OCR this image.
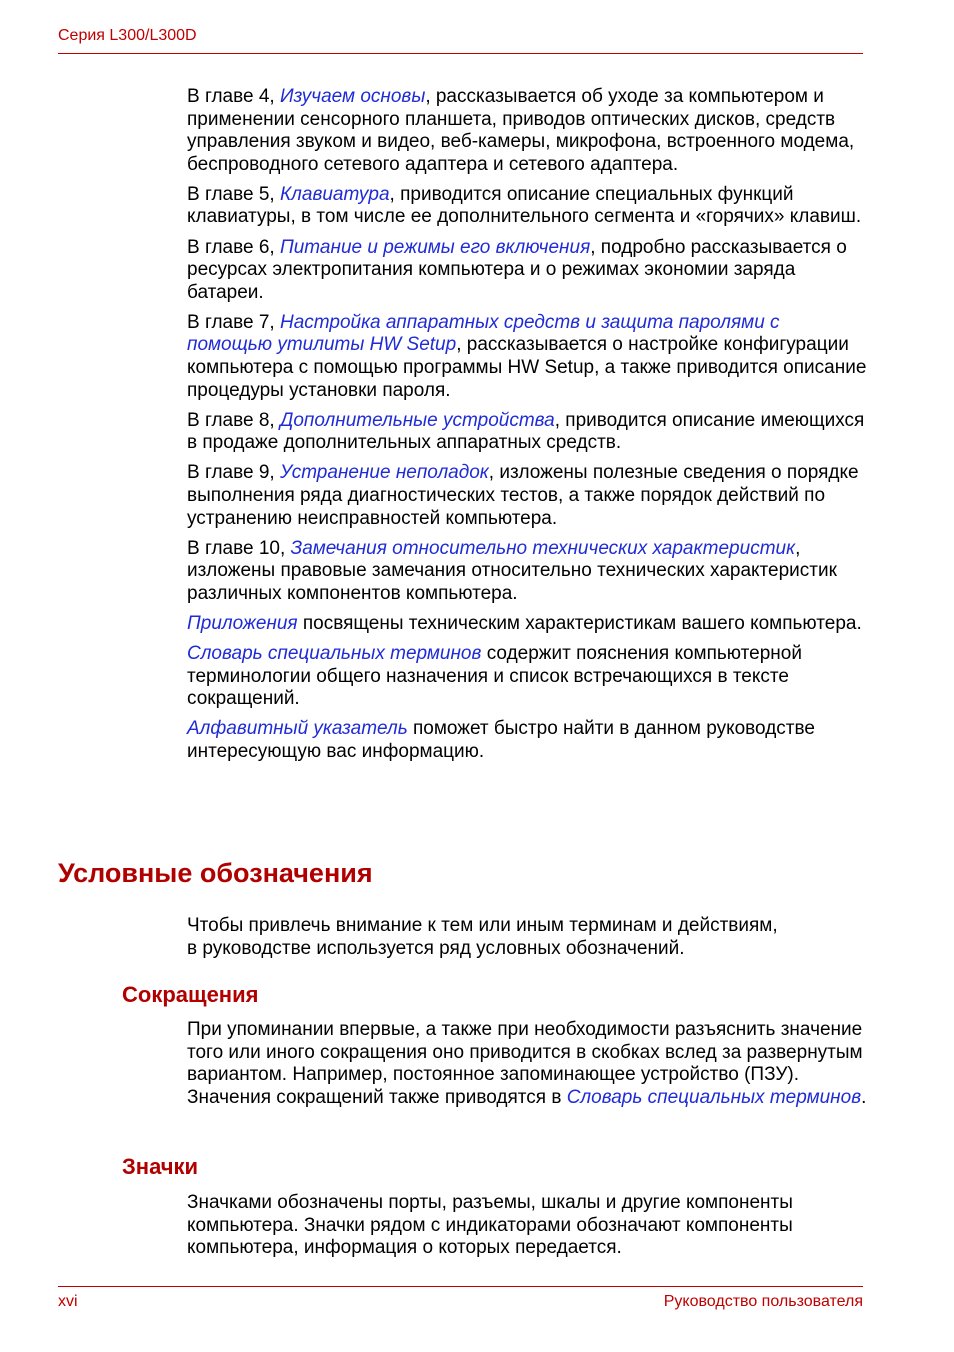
Серия L300/L300D

В главе 4, Изучаем основы, рассказывается об уходе за компьютером и применении сенсорного планшета, приводов оптических дисков, средств управления звуком и видео, веб-камеры, микрофона, встроенного модема, беспроводного сетевого адаптера и сетевого адаптера.

В главе 5, Клавиатура, приводится описание специальных функций клавиатуры, в том числе ее дополнительного сегмента и «горячих» клавиш.

В главе 6, Питание и режимы его включения, подробно рассказывается о ресурсах электропитания компьютера и о режимах экономии заряда батареи.

В главе 7, Настройка аппаратных средств и защита паролями с помощью утилиты HW Setup, рассказывается о настройке конфигурации компьютера с помощью программы HW Setup, а также приводится описание процедуры установки пароля.

В главе 8, Дополнительные устройства, приводится описание имеющихся в продаже дополнительных аппаратных средств.

В главе 9, Устранение неполадок, изложены полезные сведения о порядке выполнения ряда диагностических тестов, а также порядок действий по устранению неисправностей компьютера.

В главе 10, Замечания относительно технических характеристик, изложены правовые замечания относительно технических характеристик различных компонентов компьютера.

Приложения посвящены техническим характеристикам вашего компьютера.

Словарь специальных терминов содержит пояснения компьютерной терминологии общего назначения и список встречающихся в тексте сокращений.

Алфавитный указатель поможет быстро найти в данном руководстве интересующую вас информацию.

Условные обозначения
Чтобы привлечь внимание к тем или иным терминам и действиям,
в руководстве используется ряд условных обозначений.
Сокращения

При упоминании впервые, а также при необходимости разъяснить значение того или иного сокращения оно приводится в скобках вслед за развернутым вариантом. Например, постоянное запоминающее устройство (ПЗУ). Значения сокращений также приводятся в Словарь специальных терминов.

Значки

Значками обозначены порты, разъемы, шкалы и другие компоненты компьютера. Значки рядом с индикаторами обозначают компоненты компьютера, информация о которых передается.

xvi	Руководство пользователя
